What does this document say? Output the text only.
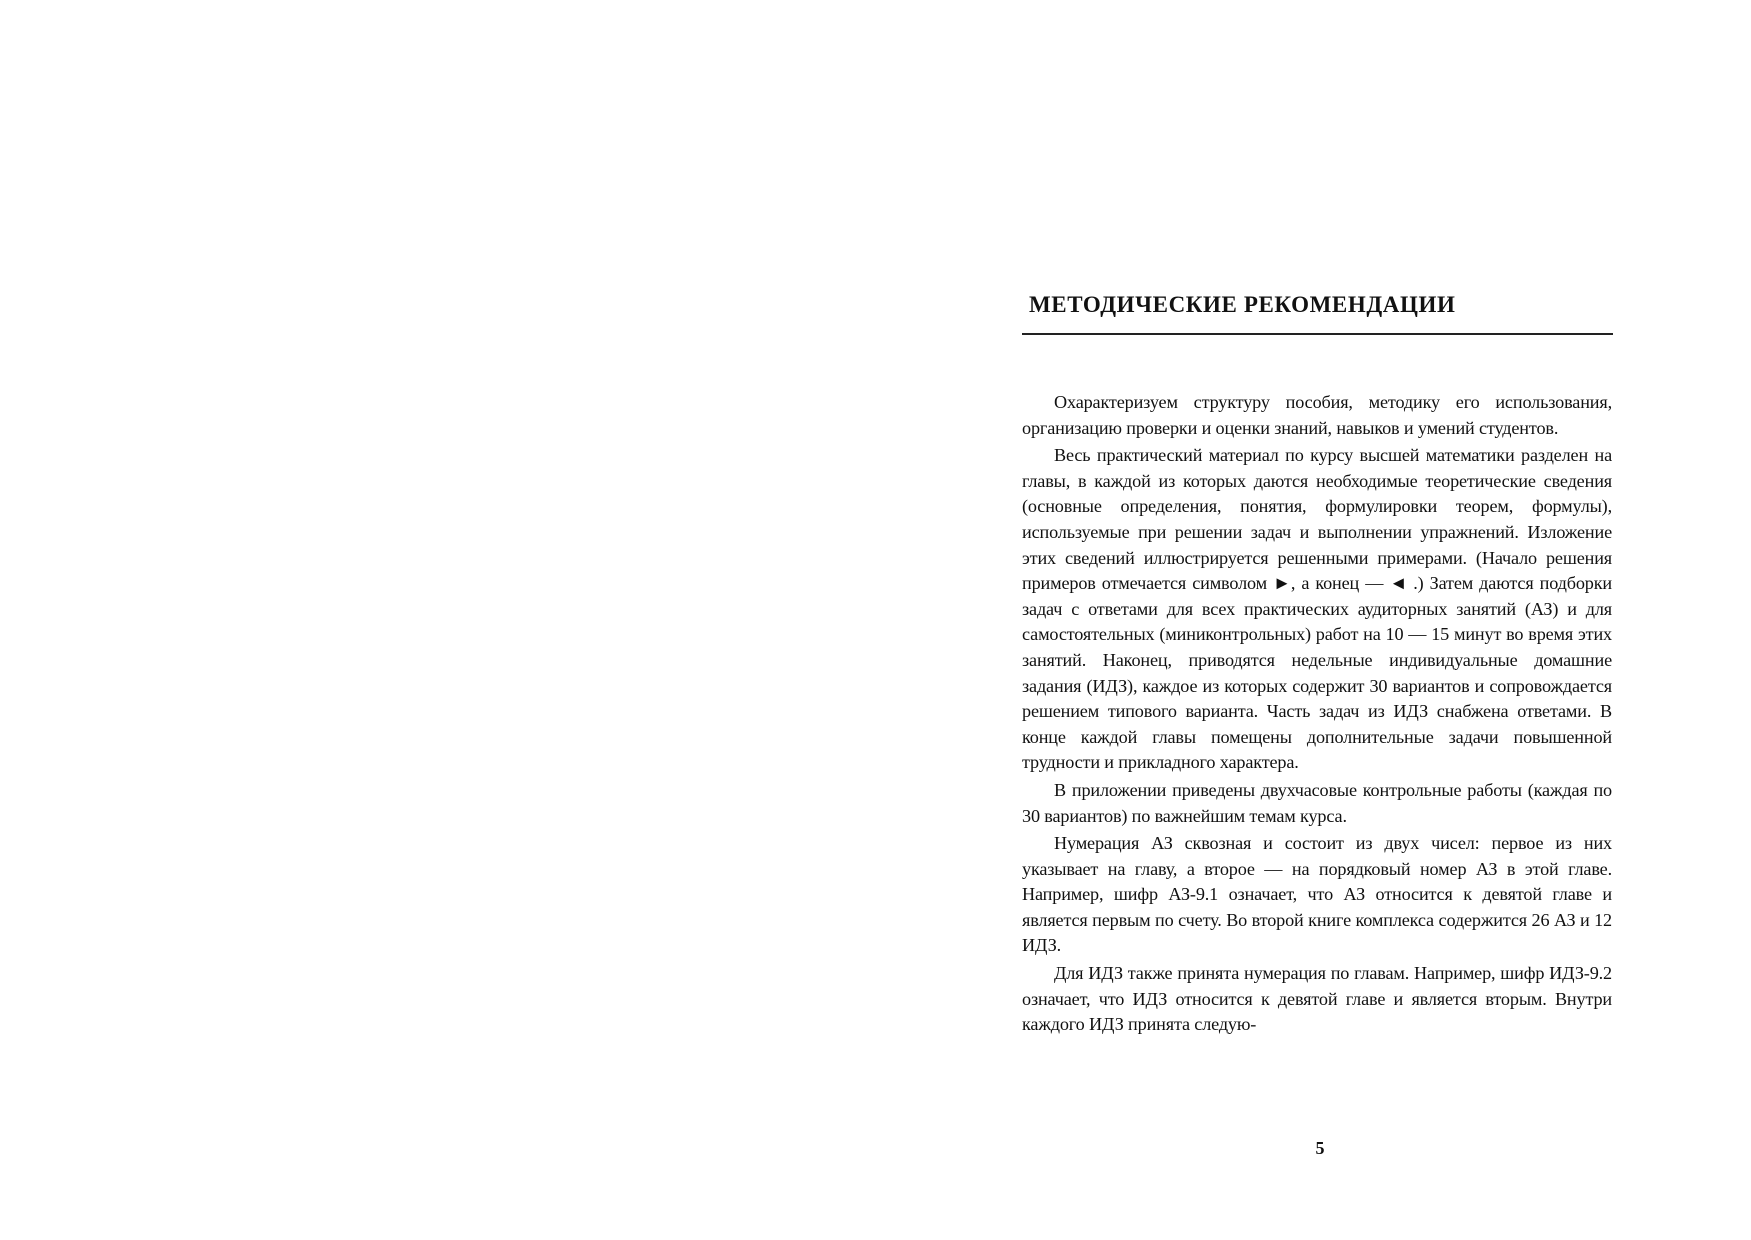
МЕТОДИЧЕСКИЕ РЕКОМЕНДАЦИИ

Охарактеризуем структуру пособия, методику его использования, организацию проверки и оценки знаний, навыков и умений студентов.

Весь практический материал по курсу высшей математики разделен на главы, в каждой из которых даются необходимые теоретические сведения (основные определения, понятия, формулировки теорем, формулы), используемые при решении задач и выполнении упражнений. Изложение этих сведений иллюстрируется решенными примерами. (Начало решения примеров отмечается символом ►, а конец — ◄ .) Затем даются подборки задач с ответами для всех практических аудиторных занятий (АЗ) и для самостоятельных (миниконтрольных) работ на 10 — 15 минут во время этих занятий. Наконец, приводятся недельные индивидуальные домашние задания (ИДЗ), каждое из которых содержит 30 вариантов и сопровождается решением типового варианта. Часть задач из ИДЗ снабжена ответами. В конце каждой главы помещены дополнительные задачи повышенной трудности и прикладного характера.

В приложении приведены двухчасовые контрольные работы (каждая по 30 вариантов) по важнейшим темам курса.

Нумерация АЗ сквозная и состоит из двух чисел: первое из них указывает на главу, а второе — на порядковый номер АЗ в этой главе. Например, шифр АЗ-9.1 означает, что АЗ относится к девятой главе и является первым по счету. Во второй книге комплекса содержится 26 АЗ и 12 ИДЗ.

Для ИДЗ также принята нумерация по главам. Например, шифр ИДЗ-9.2 означает, что ИДЗ относится к девятой главе и является вторым. Внутри каждого ИДЗ принята следую-

5
